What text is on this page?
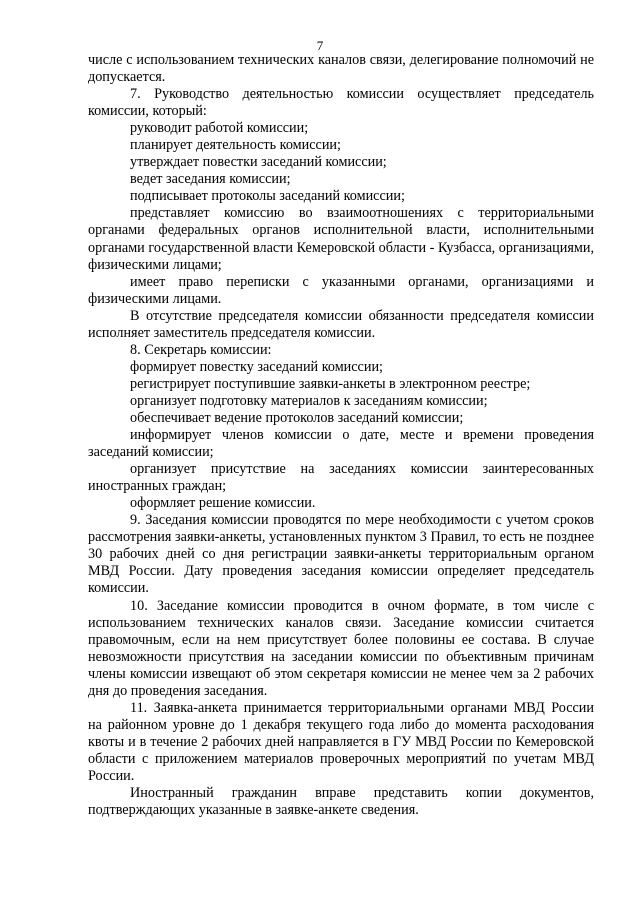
7

числе с использованием технических каналов связи, делегирование полномочий не допускается.

7. Руководство деятельностью комиссии осуществляет председатель комиссии, который:

руководит работой комиссии;

планирует деятельность комиссии;

утверждает повестки заседаний комиссии;

ведет заседания комиссии;

подписывает протоколы заседаний комиссии;

представляет комиссию во взаимоотношениях с территориальными органами федеральных органов исполнительной власти, исполнительными органами государственной власти Кемеровской области - Кузбасса, организациями, физическими лицами;

имеет право переписки с указанными органами, организациями и физическими лицами.

В отсутствие председателя комиссии обязанности председателя комиссии исполняет заместитель председателя комиссии.

8. Секретарь комиссии:

формирует повестку заседаний комиссии;

регистрирует поступившие заявки-анкеты в электронном реестре;

организует подготовку материалов к заседаниям комиссии;

обеспечивает ведение протоколов заседаний комиссии;

информирует членов комиссии о дате, месте и времени проведения заседаний комиссии;

организует присутствие на заседаниях комиссии заинтересованных иностранных граждан;

оформляет решение комиссии.

9. Заседания комиссии проводятся по мере необходимости с учетом сроков рассмотрения заявки-анкеты, установленных пунктом 3 Правил, то есть не позднее 30 рабочих дней со дня регистрации заявки-анкеты территориальным органом МВД России. Дату проведения заседания комиссии определяет председатель комиссии.

10. Заседание комиссии проводится в очном формате, в том числе с использованием технических каналов связи. Заседание комиссии считается правомочным, если на нем присутствует более половины ее состава. В случае невозможности присутствия на заседании комиссии по объективным причинам члены комиссии извещают об этом секретаря комиссии не менее чем за 2 рабочих дня до проведения заседания.

11. Заявка-анкета принимается территориальными органами МВД России на районном уровне до 1 декабря текущего года либо до момента расходования квоты и в течение 2 рабочих дней направляется в ГУ МВД России по Кемеровской области с приложением материалов проверочных мероприятий по учетам МВД России.

Иностранный гражданин вправе представить копии документов, подтверждающих указанные в заявке-анкете сведения.
